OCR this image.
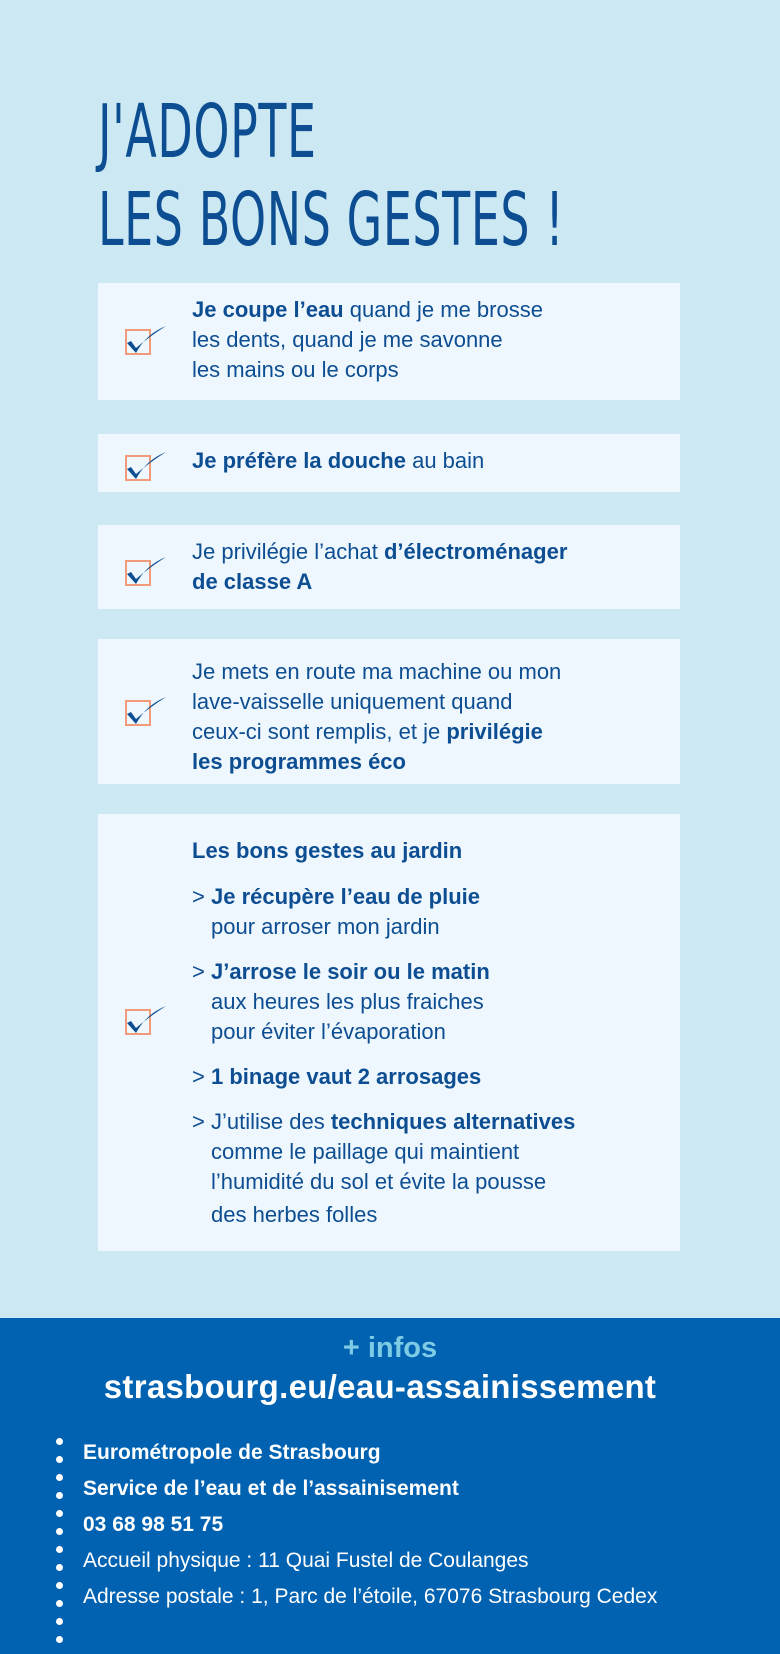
J'ADOPTE
LES BONS GESTES !
Je coupe l’eau quand je me brosse
les dents, quand je me savonne
les mains ou le corps
Je préfère la douche au bain
Je privilégie l’achat d’électroménager
de classe A
Je mets en route ma machine ou mon
lave-vaisselle uniquement quand
ceux-ci sont remplis, et je privilégie
les programmes éco
Les bons gestes au jardin
> Je récupère l’eau de pluie
pour arroser mon jardin
> J’arrose le soir ou le matin
aux heures les plus fraiches
pour éviter l’évaporation
> 1 binage vaut 2 arrosages
> J’utilise des techniques alternatives
comme le paillage qui maintient
l’humidité du sol et évite la pousse
des herbes folles
+ infos
strasbourg.eu/eau-assainissement
Eurométropole de Strasbourg
Service de l’eau et de l’assainisement
03 68 98 51 75
Accueil physique : 11 Quai Fustel de Coulanges
Adresse postale : 1, Parc de l’étoile, 67076 Strasbourg Cedex
